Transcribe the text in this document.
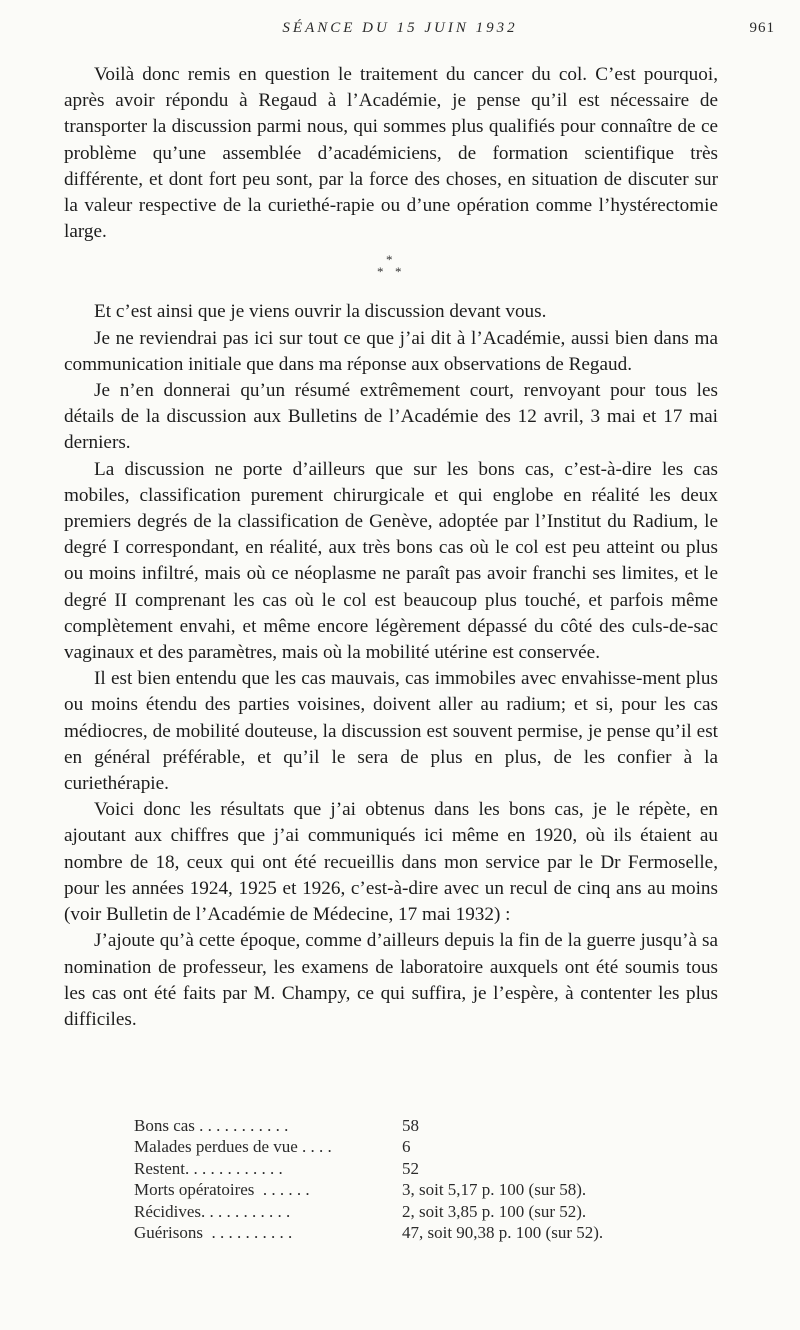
SÉANCE DU 15 JUIN 1932	961

Voilà donc remis en question le traitement du cancer du col. C’est pourquoi, après avoir répondu à Regaud à l’Académie, je pense qu’il est nécessaire de transporter la discussion parmi nous, qui sommes plus qualifiés pour connaître de ce problème qu’une assemblée d’académiciens, de formation scientifique très différente, et dont fort peu sont, par la force des choses, en situation de discuter sur la valeur respective de la curiethé-rapie ou d’une opération comme l’hystérectomie large.

*
* *

Et c’est ainsi que je viens ouvrir la discussion devant vous.

Je ne reviendrai pas ici sur tout ce que j’ai dit à l’Académie, aussi bien dans ma communication initiale que dans ma réponse aux observations de Regaud.

Je n’en donnerai qu’un résumé extrêmement court, renvoyant pour tous les détails de la discussion aux Bulletins de l’Académie des 12 avril, 3 mai et 17 mai derniers.

La discussion ne porte d’ailleurs que sur les bons cas, c’est-à-dire les cas mobiles, classification purement chirurgicale et qui englobe en réalité les deux premiers degrés de la classification de Genève, adoptée par l’Institut du Radium, le degré I correspondant, en réalité, aux très bons cas où le col est peu atteint ou plus ou moins infiltré, mais où ce néoplasme ne paraît pas avoir franchi ses limites, et le degré II comprenant les cas où le col est beaucoup plus touché, et parfois même complètement envahi, et même encore légèrement dépassé du côté des culs-de-sac vaginaux et des paramètres, mais où la mobilité utérine est conservée.

Il est bien entendu que les cas mauvais, cas immobiles avec envahisse-ment plus ou moins étendu des parties voisines, doivent aller au radium; et si, pour les cas médiocres, de mobilité douteuse, la discussion est souvent permise, je pense qu’il est en général préférable, et qu’il le sera de plus en plus, de les confier à la curiethérapie.

Voici donc les résultats que j’ai obtenus dans les bons cas, je le répète, en ajoutant aux chiffres que j’ai communiqués ici même en 1920, où ils étaient au nombre de 18, ceux qui ont été recueillis dans mon service par le Dr Fermoselle, pour les années 1924, 1925 et 1926, c’est-à-dire avec un recul de cinq ans au moins (voir Bulletin de l’Académie de Médecine, 17 mai 1932) :

J’ajoute qu’à cette époque, comme d’ailleurs depuis la fin de la guerre jusqu’à sa nomination de professeur, les examens de laboratoire auxquels ont été soumis tous les cas ont été faits par M. Champy, ce qui suffira, je l’espère, à contenter les plus difficiles.

Bons cas . . . . . . . . . . .	58
Malades perdues de vue . . . .	6
Restent. . . . . . . . . . . .	52
Morts opératoires  . . . . . .	3, soit 5,17 p. 100 (sur 58).
Récidives. . . . . . . . . . .	2, soit 3,85 p. 100 (sur 52).
Guérisons  . . . . . . . . . .	47, soit 90,38 p. 100 (sur 52).
